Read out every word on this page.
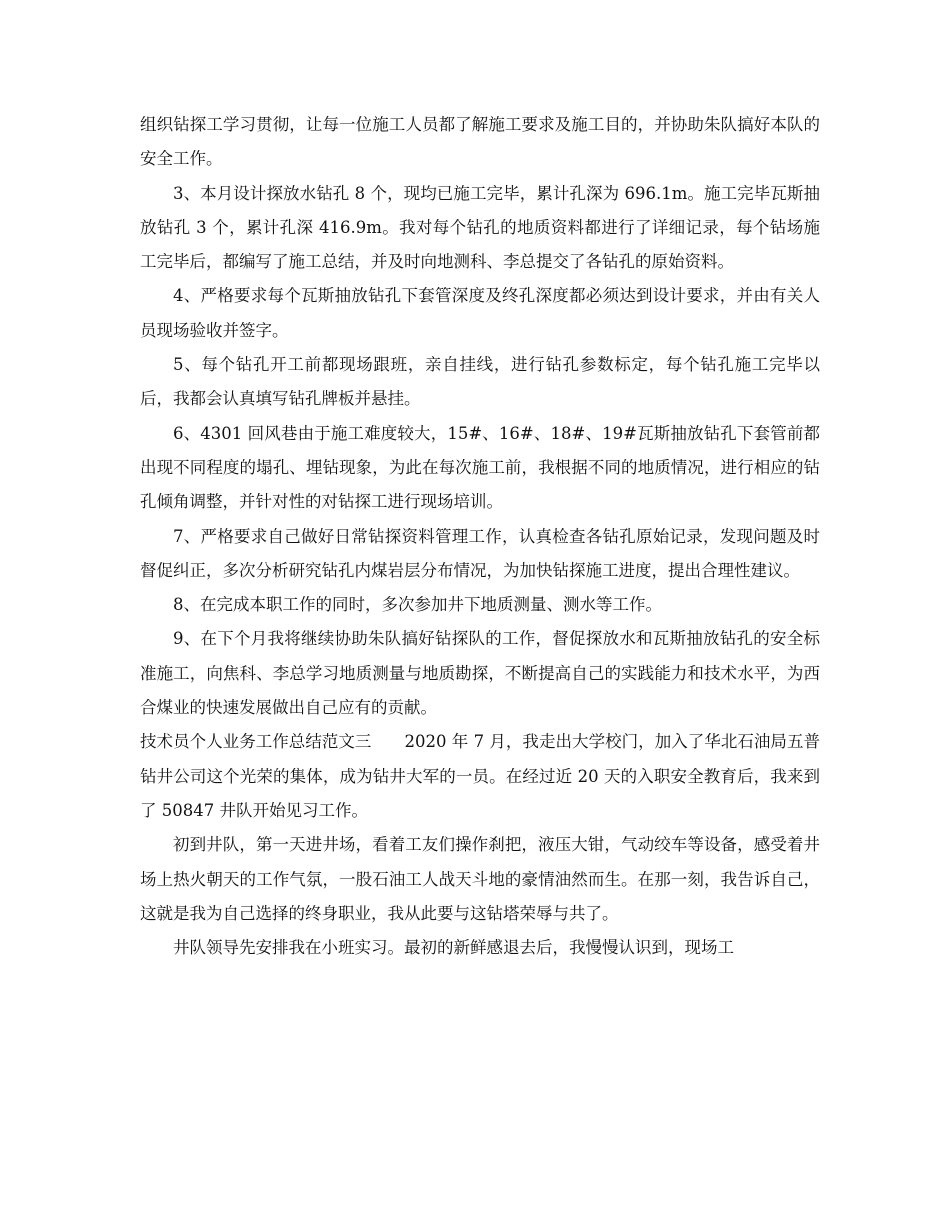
组织钻探工学习贯彻，让每一位施工人员都了解施工要求及施工目的，并协助朱队搞好本队的安全工作。

3、本月设计探放水钻孔 8 个，现均已施工完毕，累计孔深为 696.1m。施工完毕瓦斯抽放钻孔 3 个，累计孔深 416.9m。我对每个钻孔的地质资料都进行了详细记录，每个钻场施工完毕后，都编写了施工总结，并及时向地测科、李总提交了各钻孔的原始资料。

4、严格要求每个瓦斯抽放钻孔下套管深度及终孔深度都必须达到设计要求，并由有关人员现场验收并签字。

5、每个钻孔开工前都现场跟班，亲自挂线，进行钻孔参数标定，每个钻孔施工完毕以后，我都会认真填写钻孔牌板并悬挂。

6、4301 回风巷由于施工难度较大，15#、16#、18#、19#瓦斯抽放钻孔下套管前都出现不同程度的塌孔、埋钻现象，为此在每次施工前，我根据不同的地质情况，进行相应的钻孔倾角调整，并针对性的对钻探工进行现场培训。

7、严格要求自己做好日常钻探资料管理工作，认真检查各钻孔原始记录，发现问题及时督促纠正，多次分析研究钻孔内煤岩层分布情况，为加快钻探施工进度，提出合理性建议。

8、在完成本职工作的同时，多次参加井下地质测量、测水等工作。

9、在下个月我将继续协助朱队搞好钻探队的工作，督促探放水和瓦斯抽放钻孔的安全标准施工，向焦科、李总学习地质测量与地质勘探，不断提高自己的实践能力和技术水平，为西合煤业的快速发展做出自己应有的贡献。

技术员个人业务工作总结范文三　　2020 年 7 月，我走出大学校门，加入了华北石油局五普钻井公司这个光荣的集体，成为钻井大军的一员。在经过近 20 天的入职安全教育后，我来到了 50847 井队开始见习工作。

初到井队，第一天进井场，看着工友们操作刹把，液压大钳，气动绞车等设备，感受着井场上热火朝天的工作气氛，一股石油工人战天斗地的豪情油然而生。在那一刻，我告诉自己，这就是我为自己选择的终身职业，我从此要与这钻塔荣辱与共了。

井队领导先安排我在小班实习。最初的新鲜感退去后，我慢慢认识到，现场工
